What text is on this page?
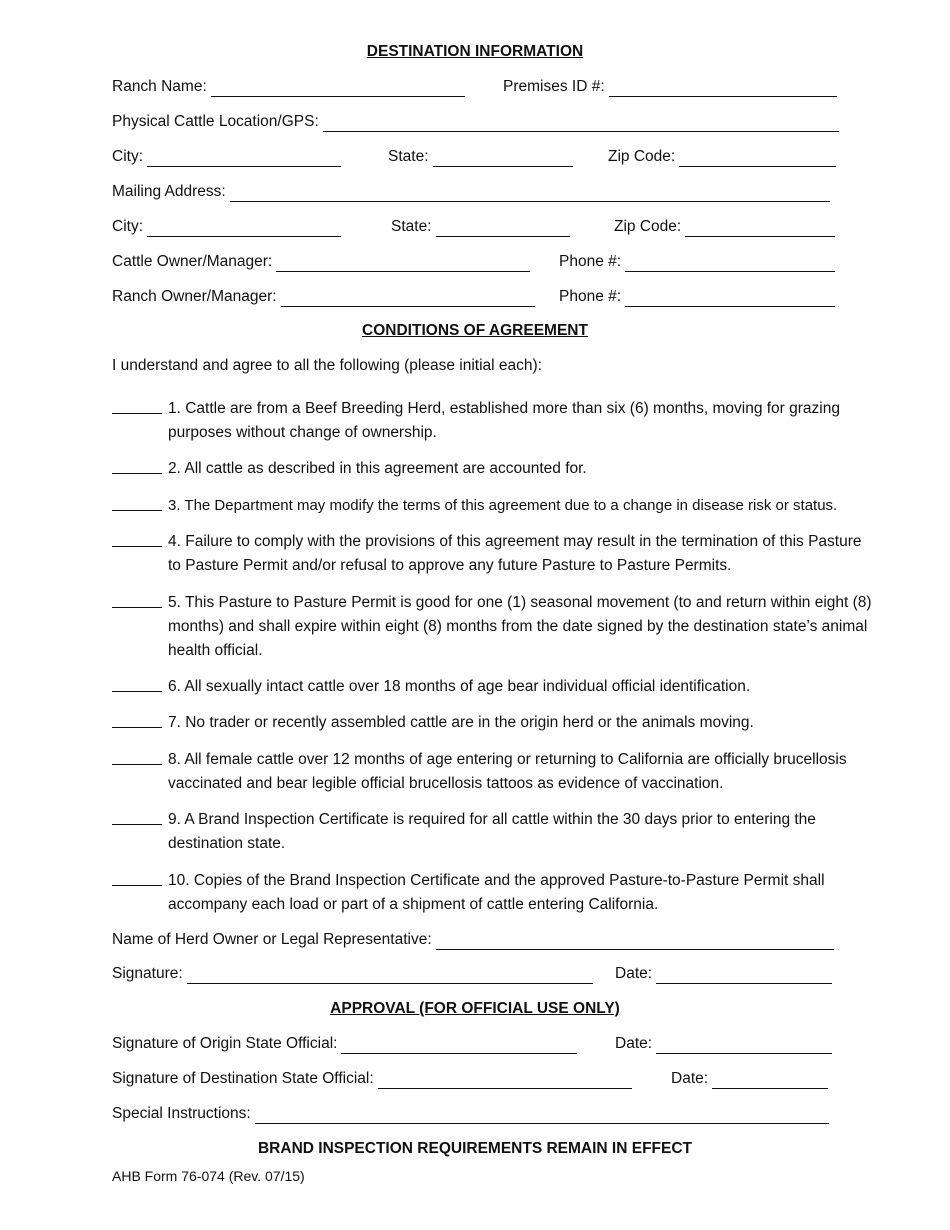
DESTINATION INFORMATION
Ranch Name:	Premises ID #:
Physical Cattle Location/GPS:
City:	State:	Zip Code:
Mailing Address:
City:	State:	Zip Code:
Cattle Owner/Manager:	Phone #:
Ranch Owner/Manager:	Phone #:
CONDITIONS OF AGREEMENT
I understand and agree to all the following (please initial each):
1. Cattle are from a Beef Breeding Herd, established more than six (6) months, moving for grazing purposes without change of ownership.
2. All cattle as described in this agreement are accounted for.
3. The Department may modify the terms of this agreement due to a change in disease risk or status.
4. Failure to comply with the provisions of this agreement may result in the termination of this Pasture to Pasture Permit and/or refusal to approve any future Pasture to Pasture Permits.
5. This Pasture to Pasture Permit is good for one (1) seasonal movement (to and return within eight (8) months) and shall expire within eight (8) months from the date signed by the destination state’s animal health official.
6. All sexually intact cattle over 18 months of age bear individual official identification.
7. No trader or recently assembled cattle are in the origin herd or the animals moving.
8. All female cattle over 12 months of age entering or returning to California are officially brucellosis vaccinated and bear legible official brucellosis tattoos as evidence of vaccination.
9. A Brand Inspection Certificate is required for all cattle within the 30 days prior to entering the destination state.
10. Copies of the Brand Inspection Certificate and the approved Pasture-to-Pasture Permit shall accompany each load or part of a shipment of cattle entering California.
Name of Herd Owner or Legal Representative:
Signature:	Date:
APPROVAL (FOR OFFICIAL USE ONLY)
Signature of Origin State Official:	Date:
Signature of Destination State Official:	Date:
Special Instructions:
BRAND INSPECTION REQUIREMENTS REMAIN IN EFFECT
AHB Form 76-074 (Rev. 07/15)
